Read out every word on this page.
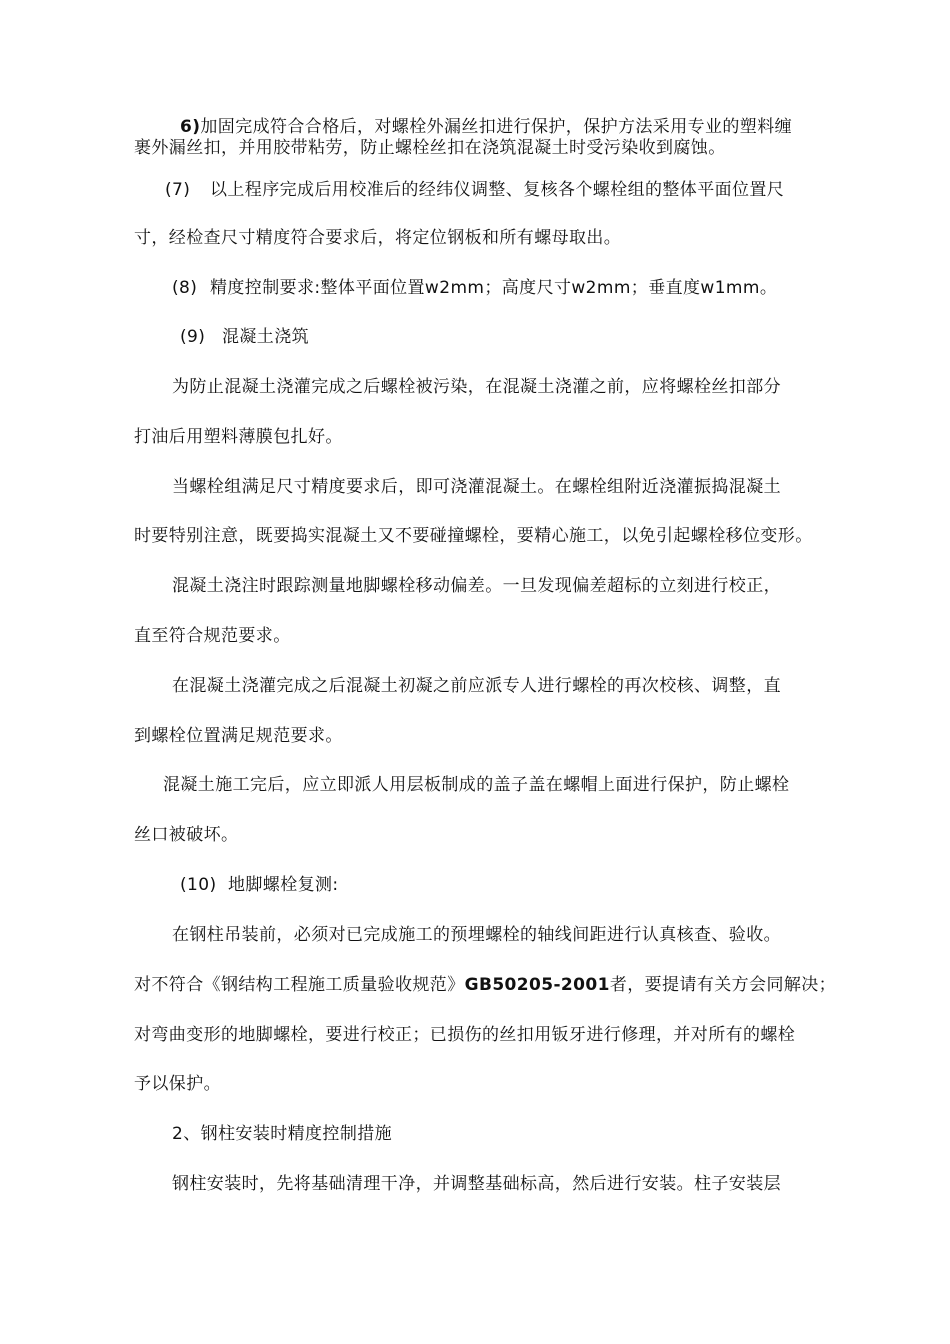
6)加固完成符合合格后，对螺栓外漏丝扣进行保护，保护方法采用专业的塑料缠
裹外漏丝扣，并用胶带粘劳，防止螺栓丝扣在浇筑混凝土时受污染收到腐蚀。
(7) 以上程序完成后用校准后的经纬仪调整、复核各个螺栓组的整体平面位置尺
寸，经检查尺寸精度符合要求后，将定位钢板和所有螺母取出。
(8) 精度控制要求:整体平面位置w2mm；高度尺寸w2mm；垂直度w1mm。
(9) 混凝土浇筑
为防止混凝土浇灌完成之后螺栓被污染，在混凝土浇灌之前，应将螺栓丝扣部分
打油后用塑料薄膜包扎好。
当螺栓组满足尺寸精度要求后，即可浇灌混凝土。在螺栓组附近浇灌振捣混凝土
时要特别注意，既要捣实混凝土又不要碰撞螺栓，要精心施工，以免引起螺栓移位变形。
混凝土浇注时跟踪测量地脚螺栓移动偏差。一旦发现偏差超标的立刻进行校正，
直至符合规范要求。
在混凝土浇灌完成之后混凝土初凝之前应派专人进行螺栓的再次校核、调整，直
到螺栓位置满足规范要求。
混凝土施工完后，应立即派人用层板制成的盖子盖在螺帽上面进行保护，防止螺栓
丝口被破坏。
(10) 地脚螺栓复测:
在钢柱吊装前，必须对已完成施工的预埋螺栓的轴线间距进行认真核查、验收。
对不符合《钢结构工程施工质量验收规范》GB50205-2001者，要提请有关方会同解决；
对弯曲变形的地脚螺栓，要进行校正；已损伤的丝扣用钣牙进行修理，并对所有的螺栓
予以保护。
2、钢柱安装时精度控制措施
钢柱安装时，先将基础清理干净，并调整基础标高，然后进行安装。柱子安装层
